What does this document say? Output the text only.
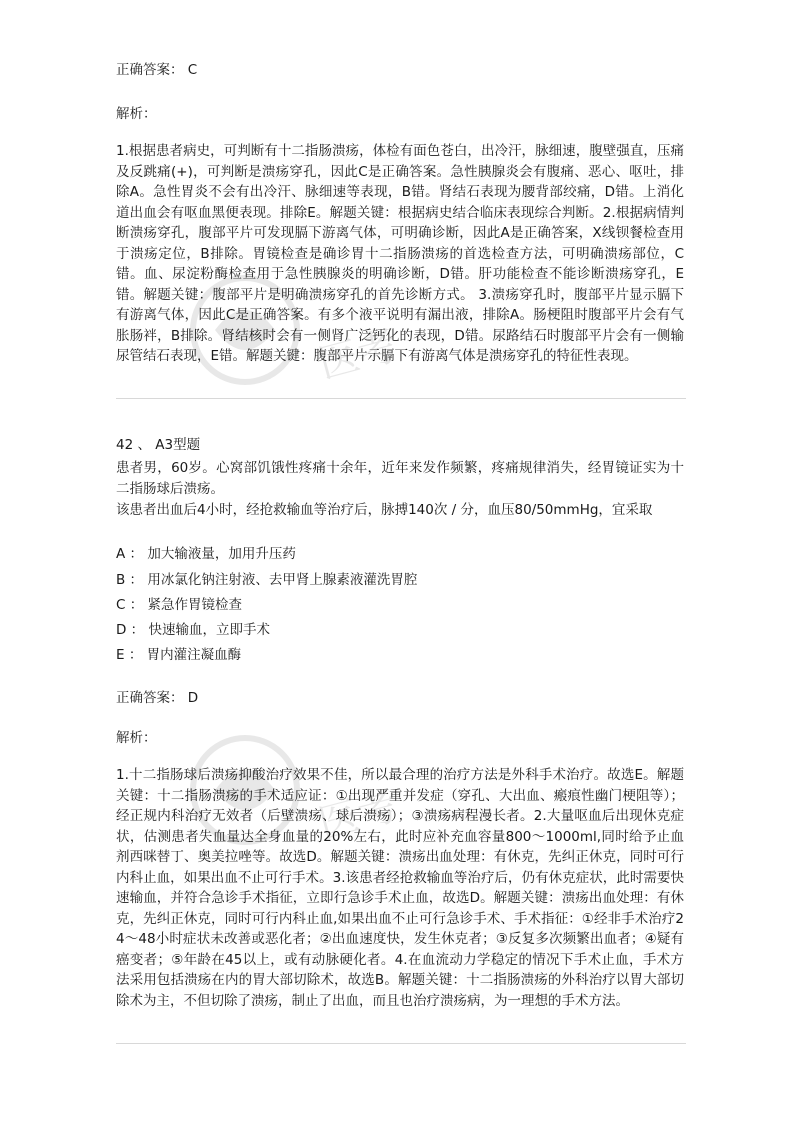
医考
医考
正确答案： C
解析：
1.根据患者病史，可判断有十二指肠溃疡，体检有面色苍白，出冷汗，脉细速，腹壁强直，压痛及反跳痛(+)，可判断是溃疡穿孔，因此C是正确答案。急性胰腺炎会有腹痛、恶心、呕吐，排除A。急性胃炎不会有出冷汗、脉细速等表现，B错。肾结石表现为腰背部绞痛，D错。上消化道出血会有呕血黑便表现。排除E。解题关键：根据病史结合临床表现综合判断。2.根据病情判断溃疡穿孔，腹部平片可发现膈下游离气体，可明确诊断，因此A是正确答案，X线钡餐检查用于溃疡定位，B排除。胃镜检查是确诊胃十二指肠溃疡的首选检查方法，可明确溃疡部位，C错。血、尿淀粉酶检查用于急性胰腺炎的明确诊断，D错。肝功能检查不能诊断溃疡穿孔，E错。解题关键：腹部平片是明确溃疡穿孔的首先诊断方式。 3.溃疡穿孔时，腹部平片显示膈下有游离气体，因此C是正确答案。有多个液平说明有漏出液，排除A。肠梗阻时腹部平片会有气胀肠袢，B排除。肾结核时会有一侧肾广泛钙化的表现，D错。尿路结石时腹部平片会有一侧输尿管结石表现，E错。解题关键：腹部平片示膈下有游离气体是溃疡穿孔的特征性表现。
42 、 A3型题
患者男，60岁。心窝部饥饿性疼痛十余年，近年来发作频繁，疼痛规律消失，经胃镜证实为十二指肠球后溃疡。
该患者出血后4小时，经抢救输血等治疗后，脉搏140次 / 分，血压80/50mmHg，宜采取
A ： 加大输液量，加用升压药
B ： 用冰氯化钠注射液、去甲肾上腺素液灌洗胃腔
C ： 紧急作胃镜检查
D ： 快速输血，立即手术
E ： 胃内灌注凝血酶
正确答案： D
解析：
1.十二指肠球后溃疡抑酸治疗效果不佳，所以最合理的治疗方法是外科手术治疗。故选E。解题关键：十二指肠溃疡的手术适应证：①出现严重并发症（穿孔、大出血、瘢痕性幽门梗阻等）；经正规内科治疗无效者（后壁溃疡、球后溃疡）；③溃疡病程漫长者。2.大量呕血后出现休克症状，估测患者失血量达全身血量的20%左右，此时应补充血容量800～1000ml,同时给予止血剂西咪替丁、奥美拉唑等。故选D。解题关键：溃疡出血处理：有休克，先纠正休克，同时可行内科止血，如果出血不止可行手术。3.该患者经抢救输血等治疗后，仍有休克症状，此时需要快速输血，并符合急诊手术指征，立即行急诊手术止血，故选D。解题关键：溃疡出血处理：有休克，先纠正休克，同时可行内科止血,如果出血不止可行急诊手术、手术指征：①经非手术治疗24～48小时症状未改善或恶化者；②出血速度快，发生休克者；③反复多次频繁出血者；④疑有癌变者；⑤年龄在45以上，或有动脉硬化者。4.在血流动力学稳定的情况下手术止血，手术方法采用包括溃疡在内的胃大部切除术，故选B。解题关键：十二指肠溃疡的外科治疗以胃大部切除术为主，不但切除了溃疡，制止了出血，而且也治疗溃疡病，为一理想的手术方法。
